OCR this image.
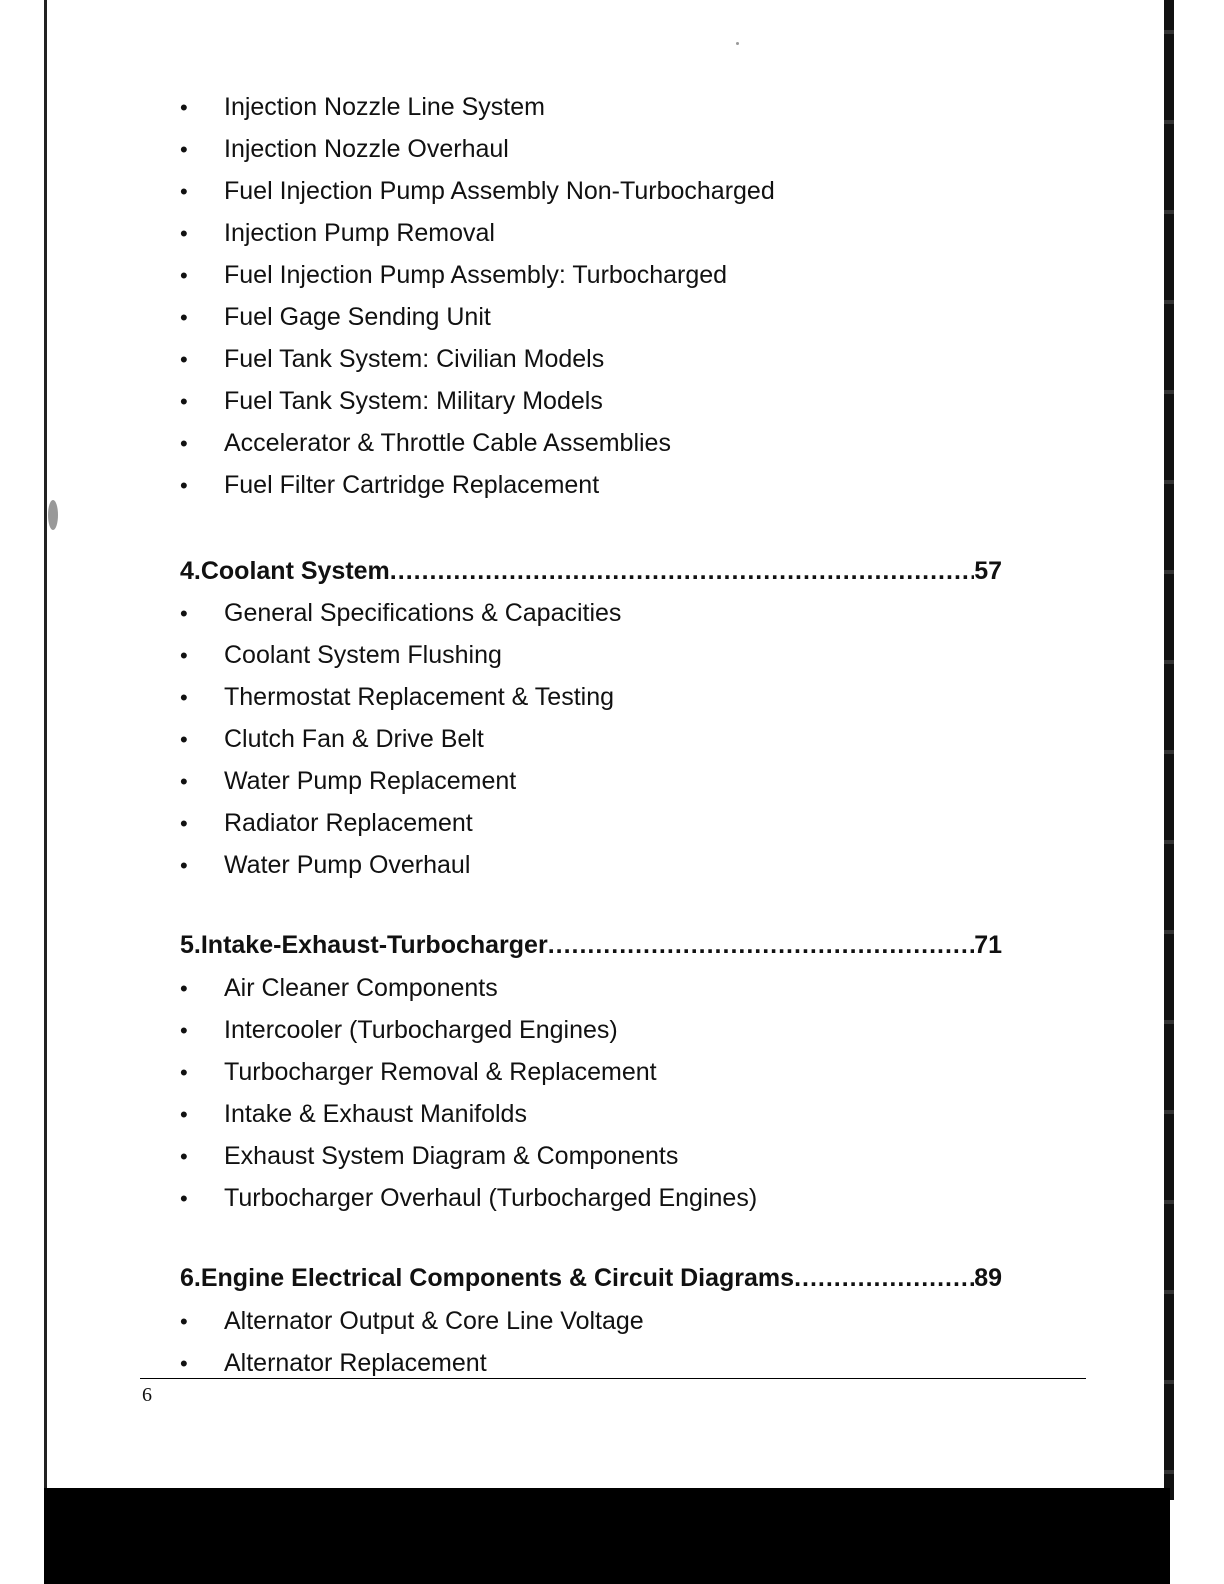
• Injection Nozzle Line System
• Injection Nozzle Overhaul
• Fuel Injection Pump Assembly Non-Turbocharged
• Injection Pump Removal
• Fuel Injection Pump Assembly: Turbocharged
• Fuel Gage Sending Unit
• Fuel Tank System: Civilian Models
• Fuel Tank System: Military Models
• Accelerator & Throttle Cable Assemblies
• Fuel Filter Cartridge Replacement
4. Coolant System .....	57
• General Specifications & Capacities
• Coolant System Flushing
• Thermostat Replacement & Testing
• Clutch Fan & Drive Belt
• Water Pump Replacement
• Radiator Replacement
• Water Pump Overhaul
5. Intake-Exhaust-Turbocharger .....	71
• Air Cleaner Components
• Intercooler (Turbocharged Engines)
• Turbocharger Removal & Replacement
• Intake & Exhaust Manifolds
• Exhaust System Diagram & Components
• Turbocharger Overhaul (Turbocharged Engines)
6. Engine Electrical Components & Circuit Diagrams .....	89
• Alternator Output & Core Line Voltage
• Alternator Replacement
6
